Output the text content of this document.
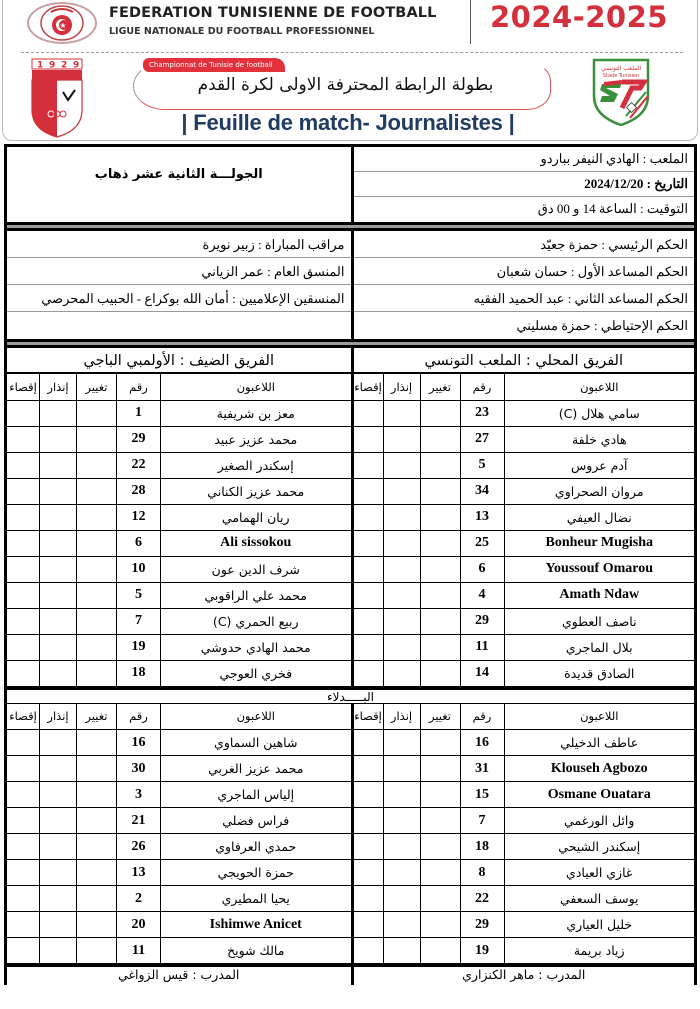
FEDERATION TUNISIENNE DE FOOTBALL
LIGUE NATIONALE DU FOOTBALL PROFESSIONNEL	2024-2025
1 9 2 9	Championnat de Tunisie de football
بطولة الرابطة المحترفة الاولى لكرة القدم
| Feuille de match- Journalistes |
الملعب التونسي
Stade Tunisien
الملعب : الهادي النيفر بباردو
التاريخ : 2024/12/20
التوقيت : الساعة 14 و 00 دق
الجولـــة الثانية عشر ذهاب
الحكم الرئيسي : حمزة جعيّد
الحكم المساعد الأول : حسان شعبان
الحكم المساعد الثاني : عبد الحميد الفقيه
الحكم الإحتياطي : حمزة مسليني
مراقب المباراة : زبير نويرة
المنسق العام : عمر الزياني
المنسقين الإعلاميين : أمان الله بوكراع - الحبيب المحرصي
الفريق المحلي : الملعب التونسي
اللاعبون	رقم	تغيير	إنذار	إقصاء
سامي هلال (C)	23			
هادي خلفة	27			
آدم عروس	5			
مروان الصحراوي	34			
نضال العيفي	13			
Bonheur Mugisha	25			
Youssouf Omarou	6			
Amath Ndaw	4			
ناصف العطوي	29			
بلال الماجري	11			
الصادق قديدة	14			
الفريق الضيف : الأولمبي الباجي
اللاعبون	رقم	تغيير	إنذار	إقصاء
معز بن شريفية	1			
محمد عزيز عبيد	29			
إسكندر الصغير	22			
محمد عزيز الكناني	28			
ريان الهمامي	12			
Ali sissokou	6			
شرف الدين عون	10			
محمد علي الراقوبي	5			
ربيع الحمري (C)	7			
محمد الهادي حدوشي	19			
فخري العوجي	18			
البـــــدلاء
اللاعبون	رقم	تغيير	إنذار	إقصاء
عاطف الدخيلي	16			
Klouseh Agbozo	31			
Osmane Ouatara	15			
وائل الورغمي	7			
إسكندر الشيحي	18			
غازي العيادي	8			
يوسف السعفي	22			
خليل العياري	29			
زياد بريمة	19			
اللاعبون	رقم	تغيير	إنذار	إقصاء
شاهين السماوي	16			
محمد عزيز الغربي	30			
إلياس الماجري	3			
فراس فضلي	21			
حمدي العرفاوي	26			
حمزة الحويجي	13			
يحيا المطيري	2			
Ishimwe Anicet	20			
مالك شويخ	11			
المدرب : ماهر الكنزاري
المدرب : قيس الزواغي
